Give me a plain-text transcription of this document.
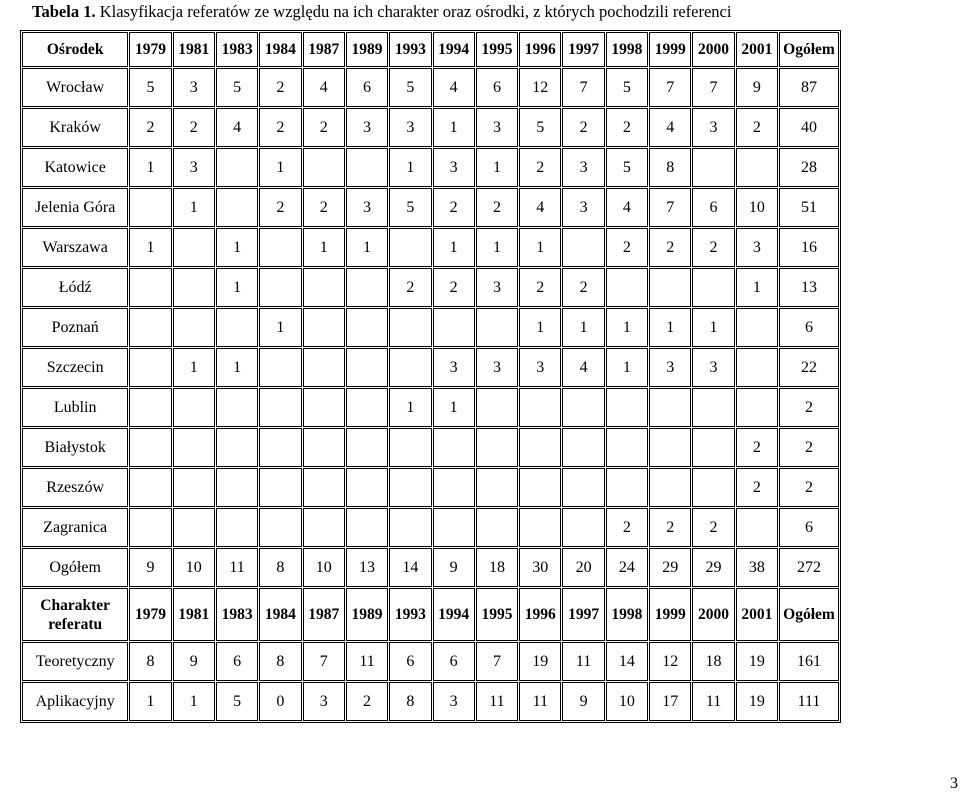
Tabela 1. Klasyfikacja referatów ze względu na ich charakter oraz ośrodki, z których pochodzili referenci
Ośrodek	1979	1981	1983	1984	1987	1989	1993	1994	1995	1996	1997	1998	1999	2000	2001	Ogółem
Wrocław	5	3	5	2	4	6	5	4	6	12	7	5	7	7	9	87
Kraków	2	2	4	2	2	3	3	1	3	5	2	2	4	3	2	40
Katowice	1	3		1			1	3	1	2	3	5	8			28
Jelenia Góra		1		2	2	3	5	2	2	4	3	4	7	6	10	51
Warszawa	1		1		1	1		1	1	1		2	2	2	3	16
Łódź			1				2	2	3	2	2				1	13
Poznań				1						1	1	1	1	1		6
Szczecin		1	1					3	3	3	4	1	3	3		22
Lublin							1	1								2
Białystok															2	2
Rzeszów															2	2
Zagranica												2	2	2		6
Ogółem	9	10	11	8	10	13	14	9	18	30	20	24	29	29	38	272
Charakter referatu	1979	1981	1983	1984	1987	1989	1993	1994	1995	1996	1997	1998	1999	2000	2001	Ogółem
Teoretyczny	8	9	6	8	7	11	6	6	7	19	11	14	12	18	19	161
Aplikacyjny	1	1	5	0	3	2	8	3	11	11	9	10	17	11	19	111
3
